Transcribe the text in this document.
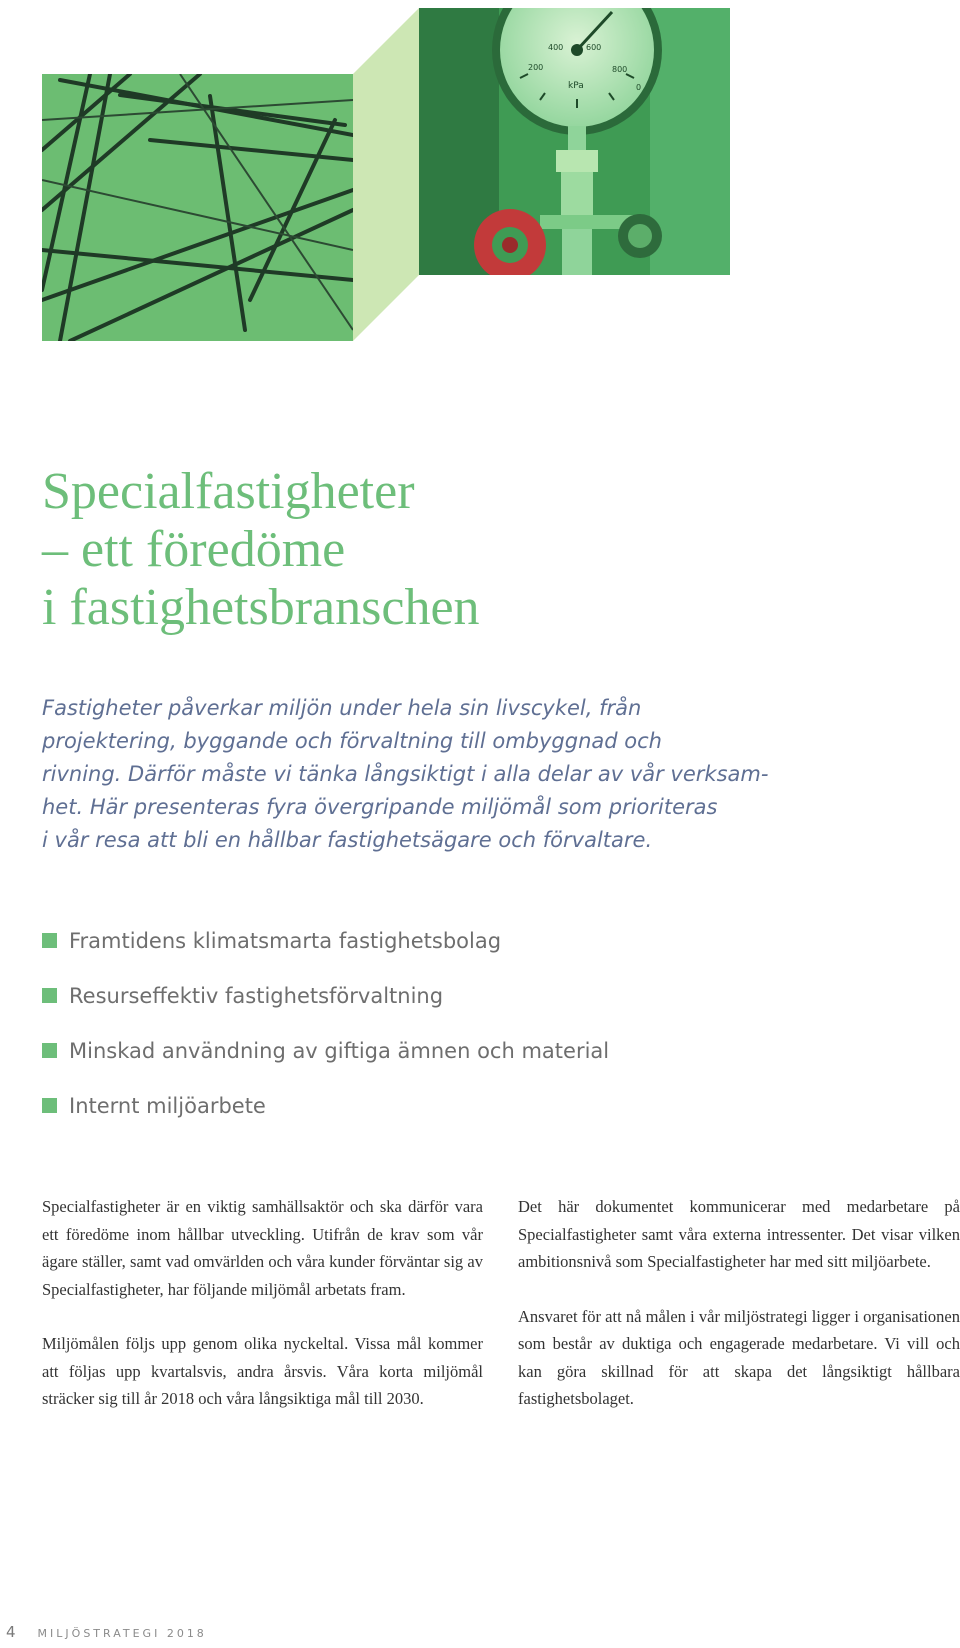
200
400	600
800
0
kPa
Specialfastigheter
– ett föredöme
i fastighetsbranschen

Fastigheter påverkar miljön under hela sin livscykel, från
projektering, byggande och förvaltning till ombyggnad och
rivning. Därför måste vi tänka långsiktigt i alla delar av vår verksam-
het. Här presenteras fyra övergripande miljömål som prioriteras
i vår resa att bli en hållbar fastighetsägare och förvaltare.

Framtidens klimatsmarta fastighetsbolag
Resurseffektiv fastighetsförvaltning
Minskad användning av giftiga ämnen och material
Internt miljöarbete

Specialfastigheter är en viktig samhällsaktör och ska därför vara ett föredöme inom hållbar utveckling. Utifrån de krav som vår ägare ställer, samt vad omvärlden och våra kunder förväntar sig av Specialfastigheter, har följande miljömål arbetats fram.

Miljömålen följs upp genom olika nyckeltal. Vissa mål kommer att följas upp kvartalsvis, andra årsvis. Våra korta miljömål sträcker sig till år 2018 och våra långsiktiga mål till 2030.

Det här dokumentet kommunicerar med medarbetare på Specialfastigheter samt våra externa intressenter. Det visar vilken ambitionsnivå som Specialfastigheter har med sitt miljöarbete.

Ansvaret för att nå målen i vår miljöstrategi ligger i organisationen som består av duktiga och engagerade medarbetare. Vi vill och kan göra skillnad för att skapa det långsiktigt hållbara fastighetsbolaget.

4 MILJÖSTRATEGI 2018
